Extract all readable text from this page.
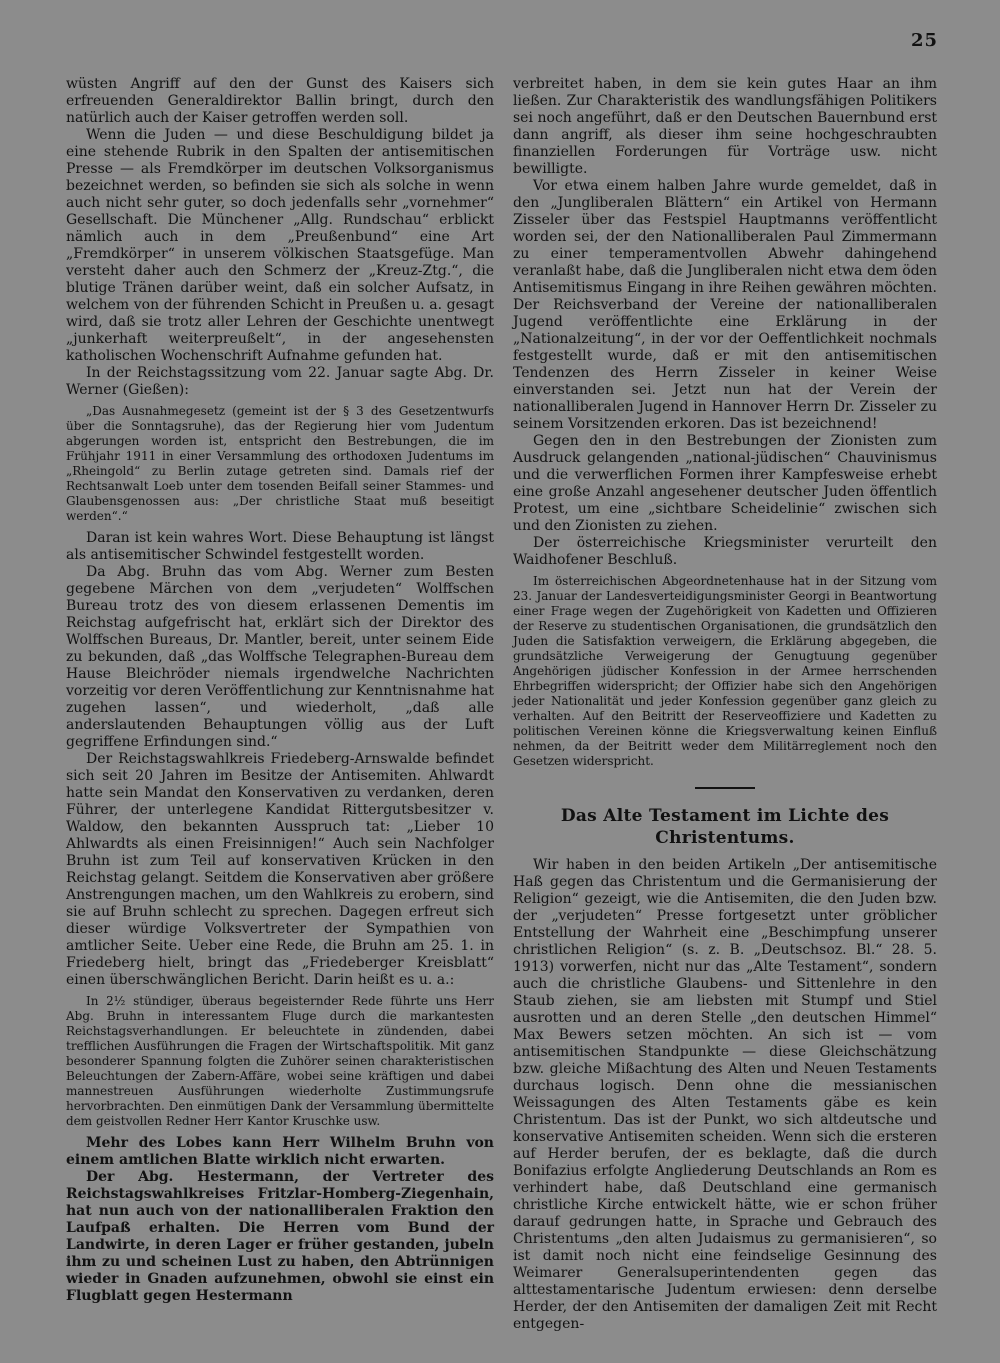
25

wüsten Angriff auf den der Gunst des Kaisers sich erfreuenden Generaldirektor Ballin bringt, durch den natürlich auch der Kaiser getroffen werden soll.

Wenn die Juden — und diese Beschuldigung bildet ja eine stehende Rubrik in den Spalten der antisemitischen Presse — als Fremdkörper im deutschen Volksorganismus bezeichnet werden, so befinden sie sich als solche in wenn auch nicht sehr guter, so doch jedenfalls sehr „vornehmer“ Gesellschaft. Die Münchener „Allg. Rundschau“ erblickt nämlich auch in dem „Preußenbund“ eine Art „Fremdkörper“ in unserem völkischen Staatsgefüge. Man versteht daher auch den Schmerz der „Kreuz-Ztg.“, die blutige Tränen darüber weint, daß ein solcher Aufsatz, in welchem von der führenden Schicht in Preußen u. a. gesagt wird, daß sie trotz aller Lehren der Geschichte unentwegt „junkerhaft weiterpreußelt“, in der angesehensten katholischen Wochenschrift Aufnahme gefunden hat.

In der Reichstagssitzung vom 22. Januar sagte Abg. Dr. Werner (Gießen):

„Das Ausnahmegesetz (gemeint ist der § 3 des Gesetzentwurfs über die Sonntagsruhe), das der Regierung hier vom Judentum abgerungen worden ist, entspricht den Bestrebungen, die im Frühjahr 1911 in einer Versammlung des orthodoxen Judentums im „Rheingold“ zu Berlin zutage getreten sind. Damals rief der Rechtsanwalt Loeb unter dem tosenden Beifall seiner Stammes- und Glaubensgenossen aus: „Der christliche Staat muß beseitigt werden“.“

Daran ist kein wahres Wort. Diese Behauptung ist längst als antisemitischer Schwindel festgestellt worden.

Da Abg. Bruhn das vom Abg. Werner zum Besten gegebene Märchen von dem „verjudeten“ Wolffschen Bureau trotz des von diesem erlassenen Dementis im Reichstag aufgefrischt hat, erklärt sich der Direktor des Wolffschen Bureaus, Dr. Mantler, bereit, unter seinem Eide zu bekunden, daß „das Wolffsche Telegraphen-Bureau dem Hause Bleichröder niemals irgendwelche Nachrichten vorzeitig vor deren Veröffentlichung zur Kenntnisnahme hat zugehen lassen“, und wiederholt, „daß alle anderslautenden Behauptungen völlig aus der Luft gegriffene Erfindungen sind.“

Der Reichstagswahlkreis Friedeberg-Arnswalde befindet sich seit 20 Jahren im Besitze der Antisemiten. Ahlwardt hatte sein Mandat den Konservativen zu verdanken, deren Führer, der unterlegene Kandidat Rittergutsbesitzer v. Waldow, den bekannten Ausspruch tat: „Lieber 10 Ahlwardts als einen Freisinnigen!“ Auch sein Nachfolger Bruhn ist zum Teil auf konservativen Krücken in den Reichstag gelangt. Seitdem die Konservativen aber größere Anstrengungen machen, um den Wahlkreis zu erobern, sind sie auf Bruhn schlecht zu sprechen. Dagegen erfreut sich dieser würdige Volksvertreter der Sympathien von amtlicher Seite. Ueber eine Rede, die Bruhn am 25. 1. in Friedeberg hielt, bringt das „Friedeberger Kreisblatt“ einen überschwänglichen Bericht. Darin heißt es u. a.:

In 2½ stündiger, überaus begeisternder Rede führte uns Herr Abg. Bruhn in interessantem Fluge durch die markantesten Reichstagsverhandlungen. Er beleuchtete in zündenden, dabei trefflichen Ausführungen die Fragen der Wirtschaftspolitik. Mit ganz besonderer Spannung folgten die Zuhörer seinen charakteristischen Beleuchtungen der Zabern-Affäre, wobei seine kräftigen und dabei mannestreuen Ausführungen wiederholte Zustimmungsrufe hervorbrachten. Den einmütigen Dank der Versammlung übermittelte dem geistvollen Redner Herr Kantor Kruschke usw.

Mehr des Lobes kann Herr Wilhelm Bruhn von einem amtlichen Blatte wirklich nicht erwarten.

Der Abg. Hestermann, der Vertreter des Reichstagswahlkreises Fritzlar-Homberg-Ziegenhain, hat nun auch von der nationalliberalen Fraktion den Laufpaß erhalten. Die Herren vom Bund der Landwirte, in deren Lager er früher gestanden, jubeln ihm zu und scheinen Lust zu haben, den Abtrünnigen wieder in Gnaden aufzunehmen, obwohl sie einst ein Flugblatt gegen Hestermann

verbreitet haben, in dem sie kein gutes Haar an ihm ließen. Zur Charakteristik des wandlungsfähigen Politikers sei noch angeführt, daß er den Deutschen Bauernbund erst dann angriff, als dieser ihm seine hochgeschraubten finanziellen Forderungen für Vorträge usw. nicht bewilligte.

Vor etwa einem halben Jahre wurde gemeldet, daß in den „Jungliberalen Blättern“ ein Artikel von Hermann Zisseler über das Festspiel Hauptmanns veröffentlicht worden sei, der den Nationalliberalen Paul Zimmermann zu einer temperamentvollen Abwehr dahingehend veranlaßt habe, daß die Jungliberalen nicht etwa dem öden Antisemitismus Eingang in ihre Reihen gewähren möchten. Der Reichsverband der Vereine der nationalliberalen Jugend veröffentlichte eine Erklärung in der „Nationalzeitung“, in der vor der Oeffentlichkeit nochmals festgestellt wurde, daß er mit den antisemitischen Tendenzen des Herrn Zisseler in keiner Weise einverstanden sei. Jetzt nun hat der Verein der nationalliberalen Jugend in Hannover Herrn Dr. Zisseler zu seinem Vorsitzenden erkoren. Das ist bezeichnend!

Gegen den in den Bestrebungen der Zionisten zum Ausdruck gelangenden „national-jüdischen“ Chauvinismus und die verwerflichen Formen ihrer Kampfesweise erhebt eine große Anzahl angesehener deutscher Juden öffentlich Protest, um eine „sichtbare Scheidelinie“ zwischen sich und den Zionisten zu ziehen.

Der österreichische Kriegsminister verurteilt den Waidhofener Beschluß.

Im österreichischen Abgeordnetenhause hat in der Sitzung vom 23. Januar der Landesverteidigungsminister Georgi in Beantwortung einer Frage wegen der Zugehörigkeit von Kadetten und Offizieren der Reserve zu studentischen Organisationen, die grundsätzlich den Juden die Satisfaktion verweigern, die Erklärung abgegeben, die grundsätzliche Verweigerung der Genugtuung gegenüber Angehörigen jüdischer Konfession in der Armee herrschenden Ehrbegriffen widerspricht; der Offizier habe sich den Angehörigen jeder Nationalität und jeder Konfession gegenüber ganz gleich zu verhalten. Auf den Beitritt der Reserveoffiziere und Kadetten zu politischen Vereinen könne die Kriegsverwaltung keinen Einfluß nehmen, da der Beitritt weder dem Militärreglement noch den Gesetzen widerspricht.

Das Alte Testament im Lichte des Christentums.

Wir haben in den beiden Artikeln „Der antisemitische Haß gegen das Christentum und die Germanisierung der Religion“ gezeigt, wie die Antisemiten, die den Juden bzw. der „verjudeten“ Presse fortgesetzt unter gröblicher Entstellung der Wahrheit eine „Beschimpfung unserer christlichen Religion“ (s. z. B. „Deutschsoz. Bl.“ 28. 5. 1913) vorwerfen, nicht nur das „Alte Testament“, sondern auch die christliche Glaubens- und Sittenlehre in den Staub ziehen, sie am liebsten mit Stumpf und Stiel ausrotten und an deren Stelle „den deutschen Himmel“ Max Bewers setzen möchten. An sich ist — vom antisemitischen Standpunkte — diese Gleichschätzung bzw. gleiche Mißachtung des Alten und Neuen Testaments durchaus logisch. Denn ohne die messianischen Weissagungen des Alten Testaments gäbe es kein Christentum. Das ist der Punkt, wo sich altdeutsche und konservative Antisemiten scheiden. Wenn sich die ersteren auf Herder berufen, der es beklagte, daß die durch Bonifazius erfolgte Angliederung Deutschlands an Rom es verhindert habe, daß Deutschland eine germanisch christliche Kirche entwickelt hätte, wie er schon früher darauf gedrungen hatte, in Sprache und Gebrauch des Christentums „den alten Judaismus zu germanisieren“, so ist damit noch nicht eine feindselige Gesinnung des Weimarer Generalsuperintendenten gegen das alttestamentarische Judentum erwiesen: denn derselbe Herder, der den Antisemiten der damaligen Zeit mit Recht entgegen-
